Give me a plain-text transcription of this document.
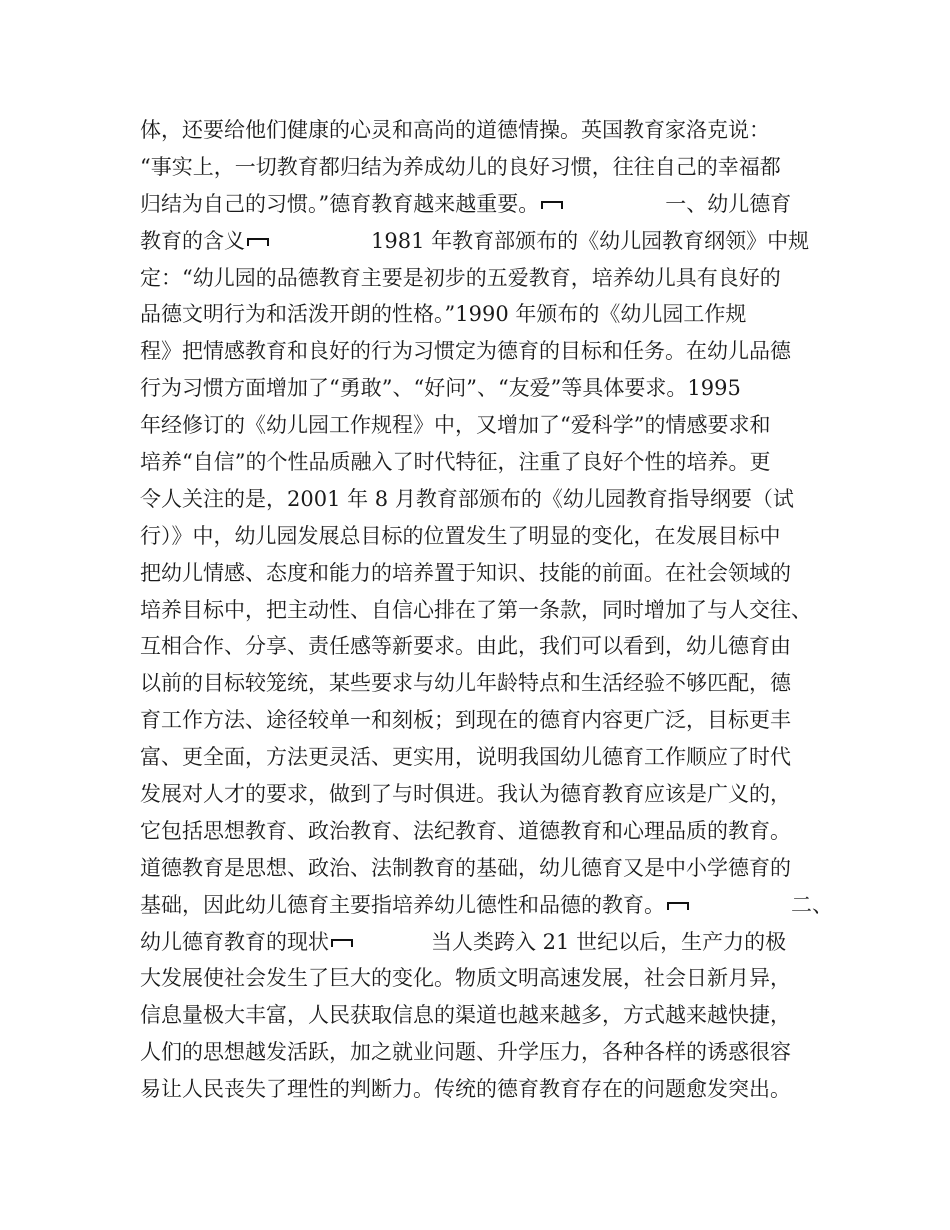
体，还要给他们健康的心灵和高尚的道德情操。英国教育家洛克说：
“事实上，一切教育都归结为养成幼儿的良好习惯，往往自己的幸福都
归结为自己的习惯。”德育教育越来越重要。	一、幼儿德育
教育的含义	1981 年教育部颁布的《幼儿园教育纲领》中规
定：“幼儿园的品德教育主要是初步的五爱教育，培养幼儿具有良好的
品德文明行为和活泼开朗的性格。”1990 年颁布的《幼儿园工作规
程》把情感教育和良好的行为习惯定为德育的目标和任务。在幼儿品德
行为习惯方面增加了“勇敢”、“好问”、“友爱”等具体要求。1995
年经修订的《幼儿园工作规程》中，又增加了“爱科学”的情感要求和
培养“自信”的个性品质融入了时代特征，注重了良好个性的培养。更
令人关注的是，2001 年 8 月教育部颁布的《幼儿园教育指导纲要（试
行）》中，幼儿园发展总目标的位置发生了明显的变化，在发展目标中
把幼儿情感、态度和能力的培养置于知识、技能的前面。在社会领域的
培养目标中，把主动性、自信心排在了第一条款，同时增加了与人交往、
互相合作、分享、责任感等新要求。由此，我们可以看到，幼儿德育由
以前的目标较笼统，某些要求与幼儿年龄特点和生活经验不够匹配，德
育工作方法、途径较单一和刻板；到现在的德育内容更广泛，目标更丰
富、更全面，方法更灵活、更实用，说明我国幼儿德育工作顺应了时代
发展对人才的要求，做到了与时俱进。我认为德育教育应该是广义的，
它包括思想教育、政治教育、法纪教育、道德教育和心理品质的教育。
道德教育是思想、政治、法制教育的基础，幼儿德育又是中小学德育的
基础，因此幼儿德育主要指培养幼儿德性和品德的教育。	二、
幼儿德育教育的现状	当人类跨入 21 世纪以后，生产力的极
大发展使社会发生了巨大的变化。物质文明高速发展，社会日新月异，
信息量极大丰富，人民获取信息的渠道也越来越多，方式越来越快捷，
人们的思想越发活跃，加之就业问题、升学压力，各种各样的诱惑很容
易让人民丧失了理性的判断力。传统的德育教育存在的问题愈发突出。
